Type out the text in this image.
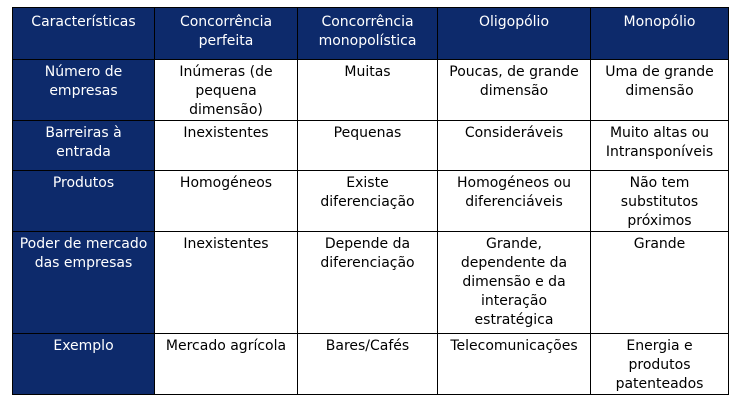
Características	Concorrência perfeita	Concorrência monopolística	Oligopólio	Monopólio
Número de empresas	Inúmeras (de pequena dimensão)	Muitas	Poucas, de grande dimensão	Uma de grande dimensão
Barreiras à entrada	Inexistentes	Pequenas	Consideráveis	Muito altas ou Intransponíveis
Produtos	Homogéneos	Existe diferenciação	Homogéneos ou diferenciáveis	Não tem substitutos próximos
Poder de mercado das empresas	Inexistentes	Depende da diferenciação	Grande, dependente da dimensão e da interação estratégica	Grande
Exemplo	Mercado agrícola	Bares/Cafés	Telecomunicações	Energia e produtos patenteados
